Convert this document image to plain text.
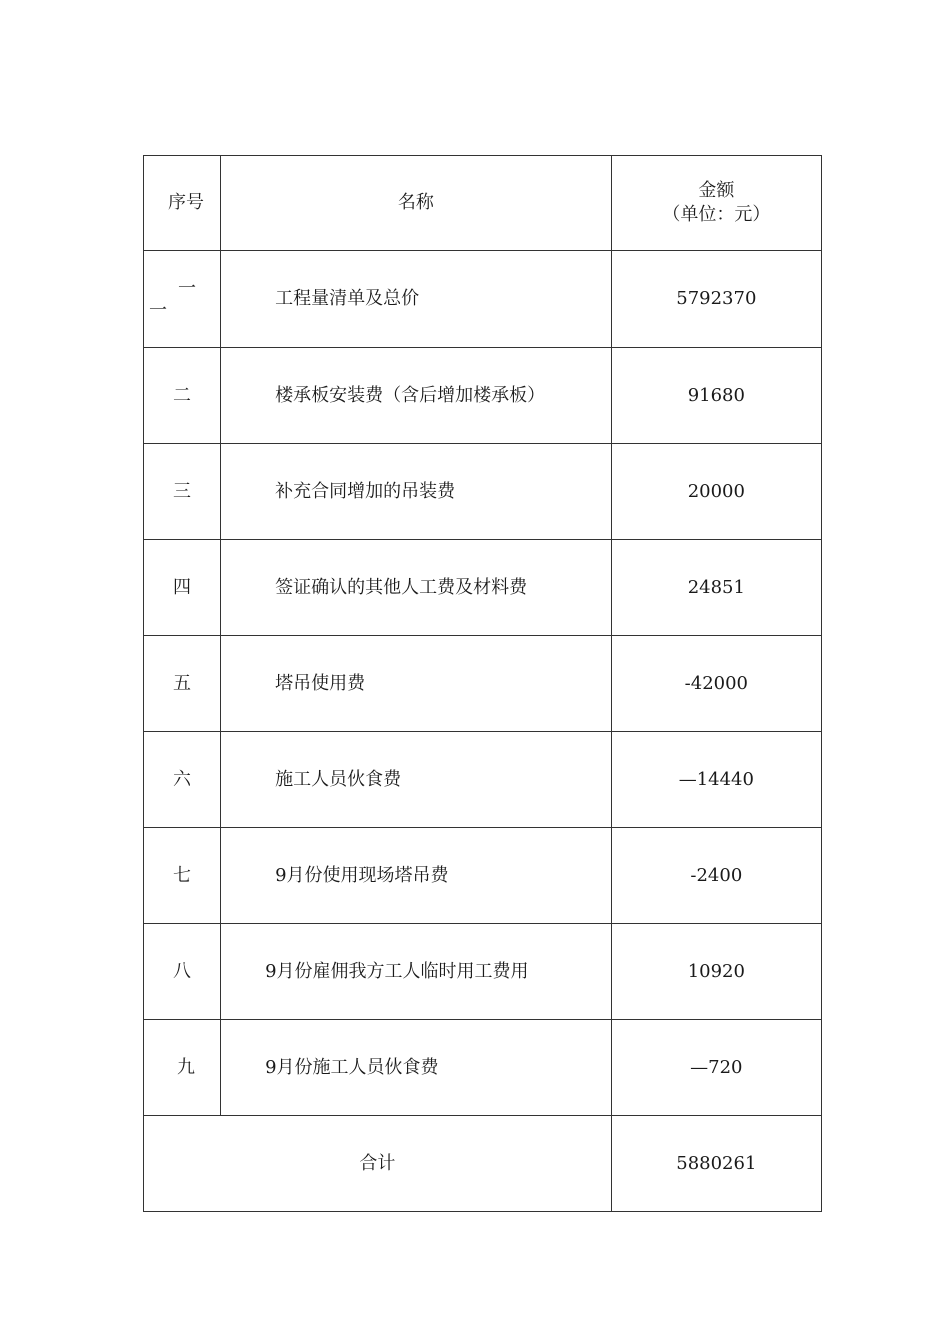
序号	名称	金额
（单位：元）

一
一	工程量清单及总价	5792370
二	楼承板安装费（含后增加楼承板）	91680
三	补充合同增加的吊装费	20000
四	签证确认的其他人工费及材料费	24851
五	塔吊使用费	-42000
六	施工人员伙食费	—14440
七	9月份使用现场塔吊费	-2400
八	9月份雇佣我方工人临时用工费用	10920
九	9月份施工人员伙食费	—720
合计		5880261
